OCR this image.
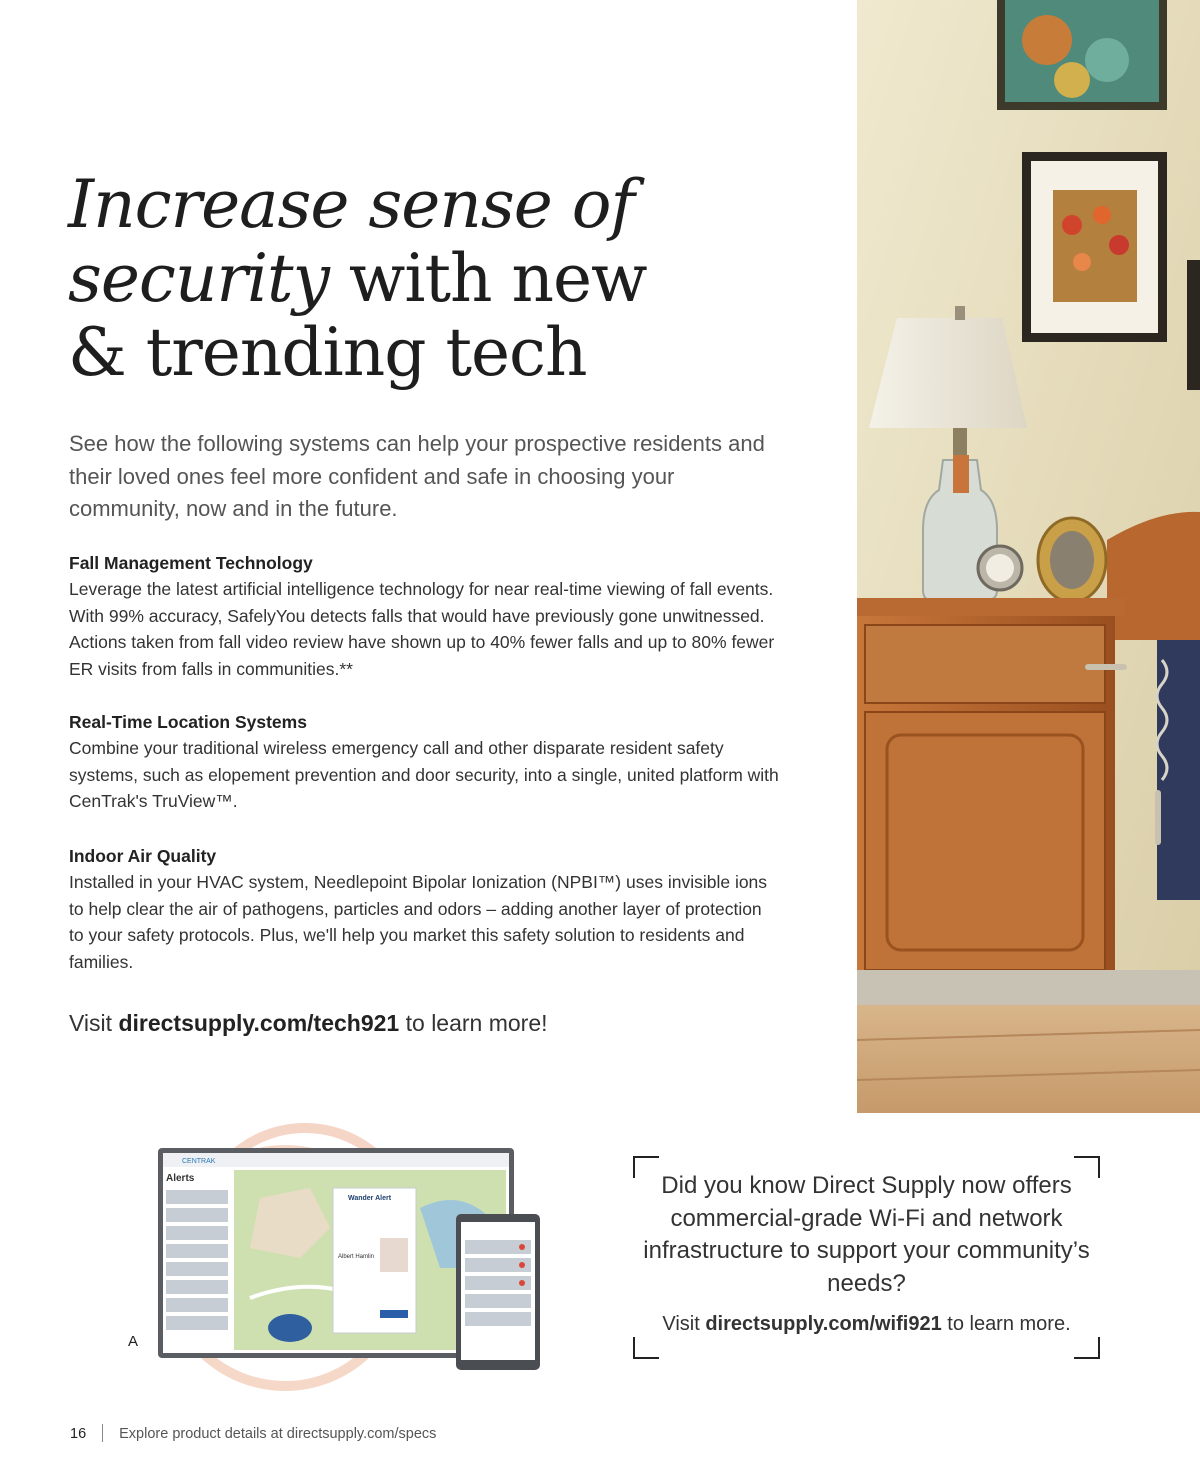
Increase sense of
security with new
& trending tech

See how the following systems can help your prospective residents and their loved ones feel more confident and safe in choosing your community, now and in the future.

Fall Management Technology

Leverage the latest artificial intelligence technology for near real-time viewing of fall events. With 99% accuracy, SafelyYou detects falls that would have previously gone unwitnessed. Actions taken from fall video review have shown up to 40% fewer falls and up to 80% fewer ER visits from falls in communities.**

Real-Time Location Systems

Combine your traditional wireless emergency call and other disparate resident safety systems, such as elopement prevention and door security, into a single, united platform with CenTrak's TruView™.

Indoor Air Quality

Installed in your HVAC system, Needlepoint Bipolar Ionization (NPBI™) uses invisible ions to help clear the air of pathogens, particles and odors – adding another layer of protection to your safety protocols. Plus, we'll help you market this safety solution to residents and families.

Visit directsupply.com/tech921 to learn more!
CENTRAK
Alerts
Wander Alert
Albert Hamlin
A
Did you know Direct Supply now offers commercial-grade Wi-Fi and network infrastructure to support your community’s needs?
Visit directsupply.com/wifi921 to learn more.
16 Explore product details at directsupply.com/specs
